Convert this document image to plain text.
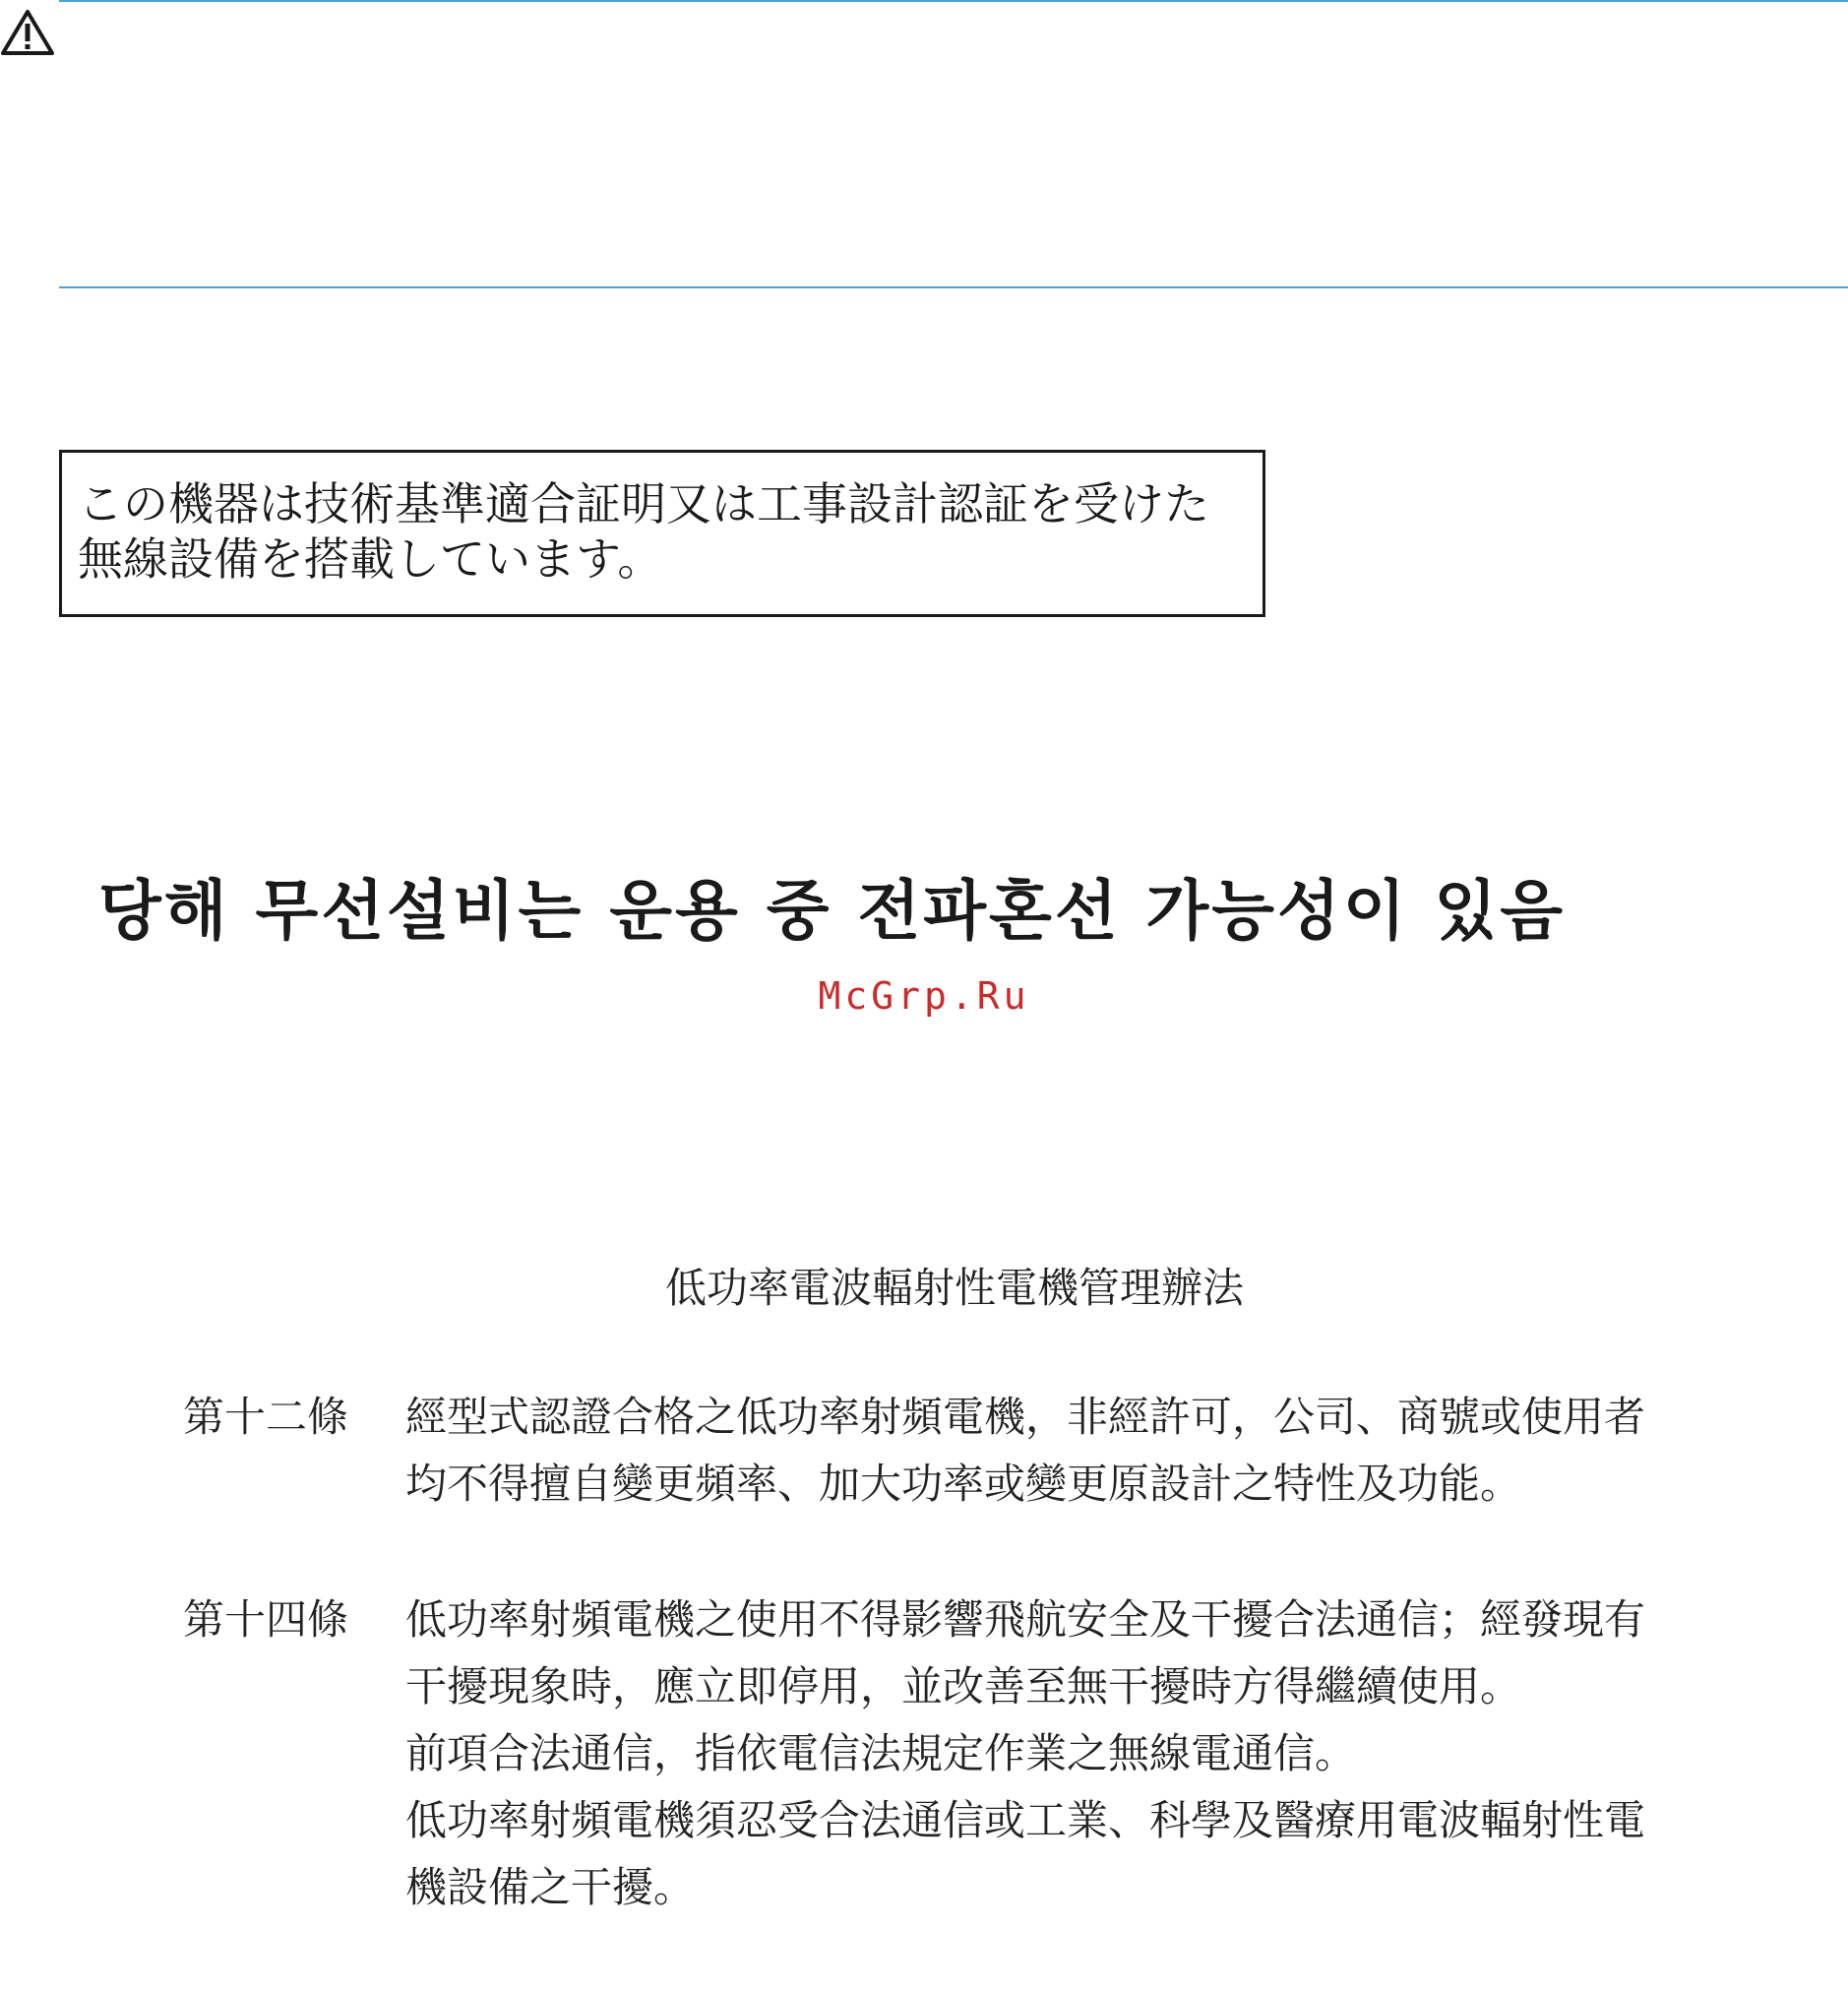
この機器は技術基準適合証明又は工事設計認証を受けた
無線設備を搭載しています。
당해 무선설비는 운용 중 전파혼선 가능성이 있음
McGrp.Ru
低功率電波輻射性電機管理辦法
第十二條	經型式認證合格之低功率射頻電機，非經許可，公司、商號或使用者
均不得擅自變更頻率、加大功率或變更原設計之特性及功能。
第十四條	低功率射頻電機之使用不得影響飛航安全及干擾合法通信；經發現有
干擾現象時，應立即停用，並改善至無干擾時方得繼續使用。
前項合法通信，指依電信法規定作業之無線電通信。
低功率射頻電機須忍受合法通信或工業、科學及醫療用電波輻射性電
機設備之干擾。
